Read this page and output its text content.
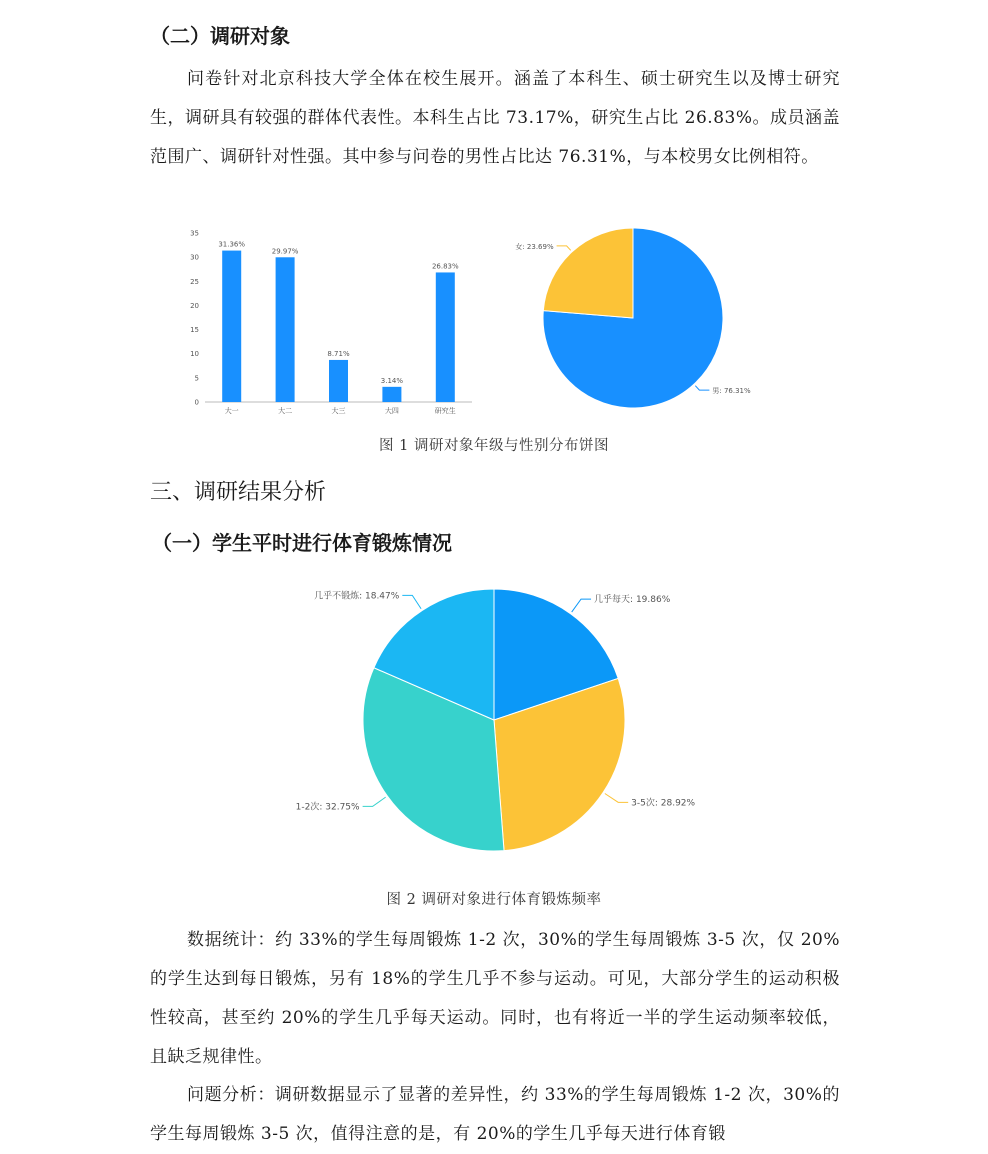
（二）调研对象

问卷针对北京科技大学全体在校生展开。涵盖了本科生、硕士研究生以及博士研究生，调研具有较强的群体代表性。本科生占比 73.17%，研究生占比 26.83%。成员涵盖范围广、调研针对性强。其中参与问卷的男性占比达 76.31%，与本校男女比例相符。

0
5
10
15
20
25
30
35
31.36%
大一
29.97%
大二
8.71%
大三
3.14%
大四
26.83%
研究生
男: 76.31%
女: 23.69%

图 1 调研对象年级与性别分布饼图

三、调研结果分析
（一）学生平时进行体育锻炼情况
几乎每天: 19.86%
3-5次: 28.92%
1-2次: 32.75%
几乎不锻炼: 18.47%

图 2 调研对象进行体育锻炼频率

数据统计：约 33%的学生每周锻炼 1-2 次，30%的学生每周锻炼 3-5 次，仅 20%的学生达到每日锻炼，另有 18%的学生几乎不参与运动。可见，大部分学生的运动积极性较高，甚至约 20%的学生几乎每天运动。同时，也有将近一半的学生运动频率较低，且缺乏规律性。

问题分析：调研数据显示了显著的差异性，约 33%的学生每周锻炼 1-2 次，30%的学生每周锻炼 3-5 次，值得注意的是，有 20%的学生几乎每天进行体育锻
